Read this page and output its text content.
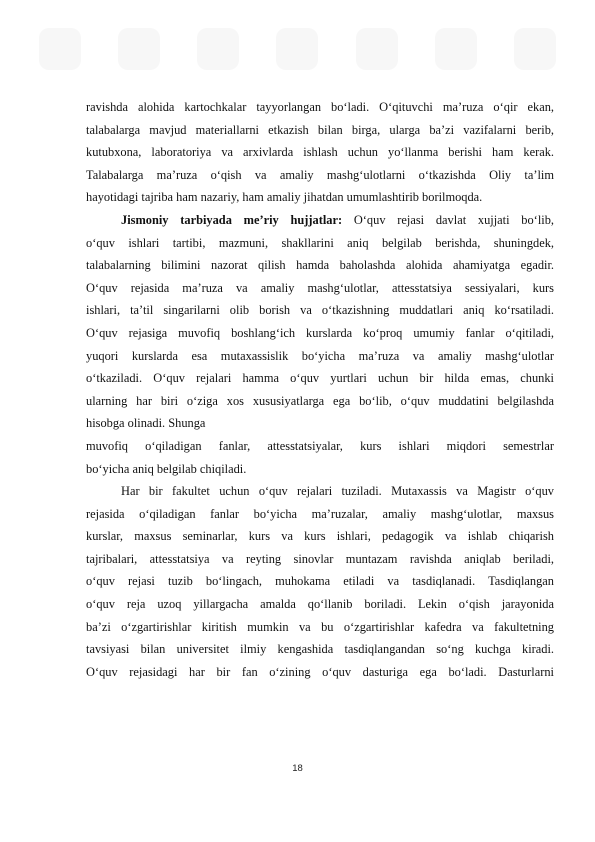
ravishda alohida kartochkalar tayyorlangan bo‘ladi. O‘qituvchi ma’ruza o‘qir ekan,

talabalarga mavjud materiallarni etkazish bilan birga, ularga ba’zi vazifalarni berib,

kutubxona, laboratoriya va arxivlarda ishlash uchun yo‘llanma berishi ham kerak.

Talabalarga ma’ruza o‘qish va amaliy mashg‘ulotlarni o‘tkazishda Oliy ta’lim

hayotidagi tajriba ham nazariy, ham amaliy jihatdan umumlashtirib borilmoqda.

Jismoniy tarbiyada me’riy hujjatlar: O‘quv rejasi davlat xujjati bo‘lib,

o‘quv ishlari tartibi, mazmuni, shakllarini aniq belgilab berishda, shuningdek,

talabalarning bilimini nazorat qilish hamda baholashda alohida ahamiyatga egadir.

O‘quv rejasida ma’ruza va amaliy mashg‘ulotlar, attesstatsiya sessiyalari, kurs

ishlari, ta’til singarilarni olib borish va o‘tkazishning muddatlari aniq ko‘rsatiladi.

O‘quv rejasiga muvofiq boshlang‘ich kurslarda ko‘proq umumiy fanlar o‘qitiladi,

yuqori kurslarda esa mutaxassislik bo‘yicha ma’ruza va amaliy mashg‘ulotlar

o‘tkaziladi. O‘quv rejalari hamma o‘quv yurtlari uchun bir hilda emas, chunki

ularning har biri o‘ziga xos xususiyatlarga ega bo‘lib, o‘quv muddatini belgilashda

hisobga olinadi. Shunga

muvofiq o‘qiladigan fanlar, attesstatsiyalar, kurs ishlari miqdori semestrlar

bo‘yicha aniq belgilab chiqiladi.

Har bir fakultet uchun o‘quv rejalari tuziladi. Mutaxassis va Magistr o‘quv

rejasida o‘qiladigan fanlar bo‘yicha ma’ruzalar, amaliy mashg‘ulotlar, maxsus

kurslar, maxsus seminarlar, kurs va kurs ishlari, pedagogik va ishlab chiqarish

tajribalari, attesstatsiya va reyting sinovlar muntazam ravishda aniqlab beriladi,

o‘quv rejasi tuzib bo‘lingach, muhokama etiladi va tasdiqlanadi. Tasdiqlangan

o‘quv reja uzoq yillargacha amalda qo‘llanib boriladi. Lekin o‘qish jarayonida

ba’zi o‘zgartirishlar kiritish mumkin va bu o‘zgartirishlar kafedra va fakultetning

tavsiyasi bilan universitet ilmiy kengashida tasdiqlangandan so‘ng kuchga kiradi.

O‘quv rejasidagi har bir fan o‘zining o‘quv dasturiga ega bo‘ladi. Dasturlarni

18
